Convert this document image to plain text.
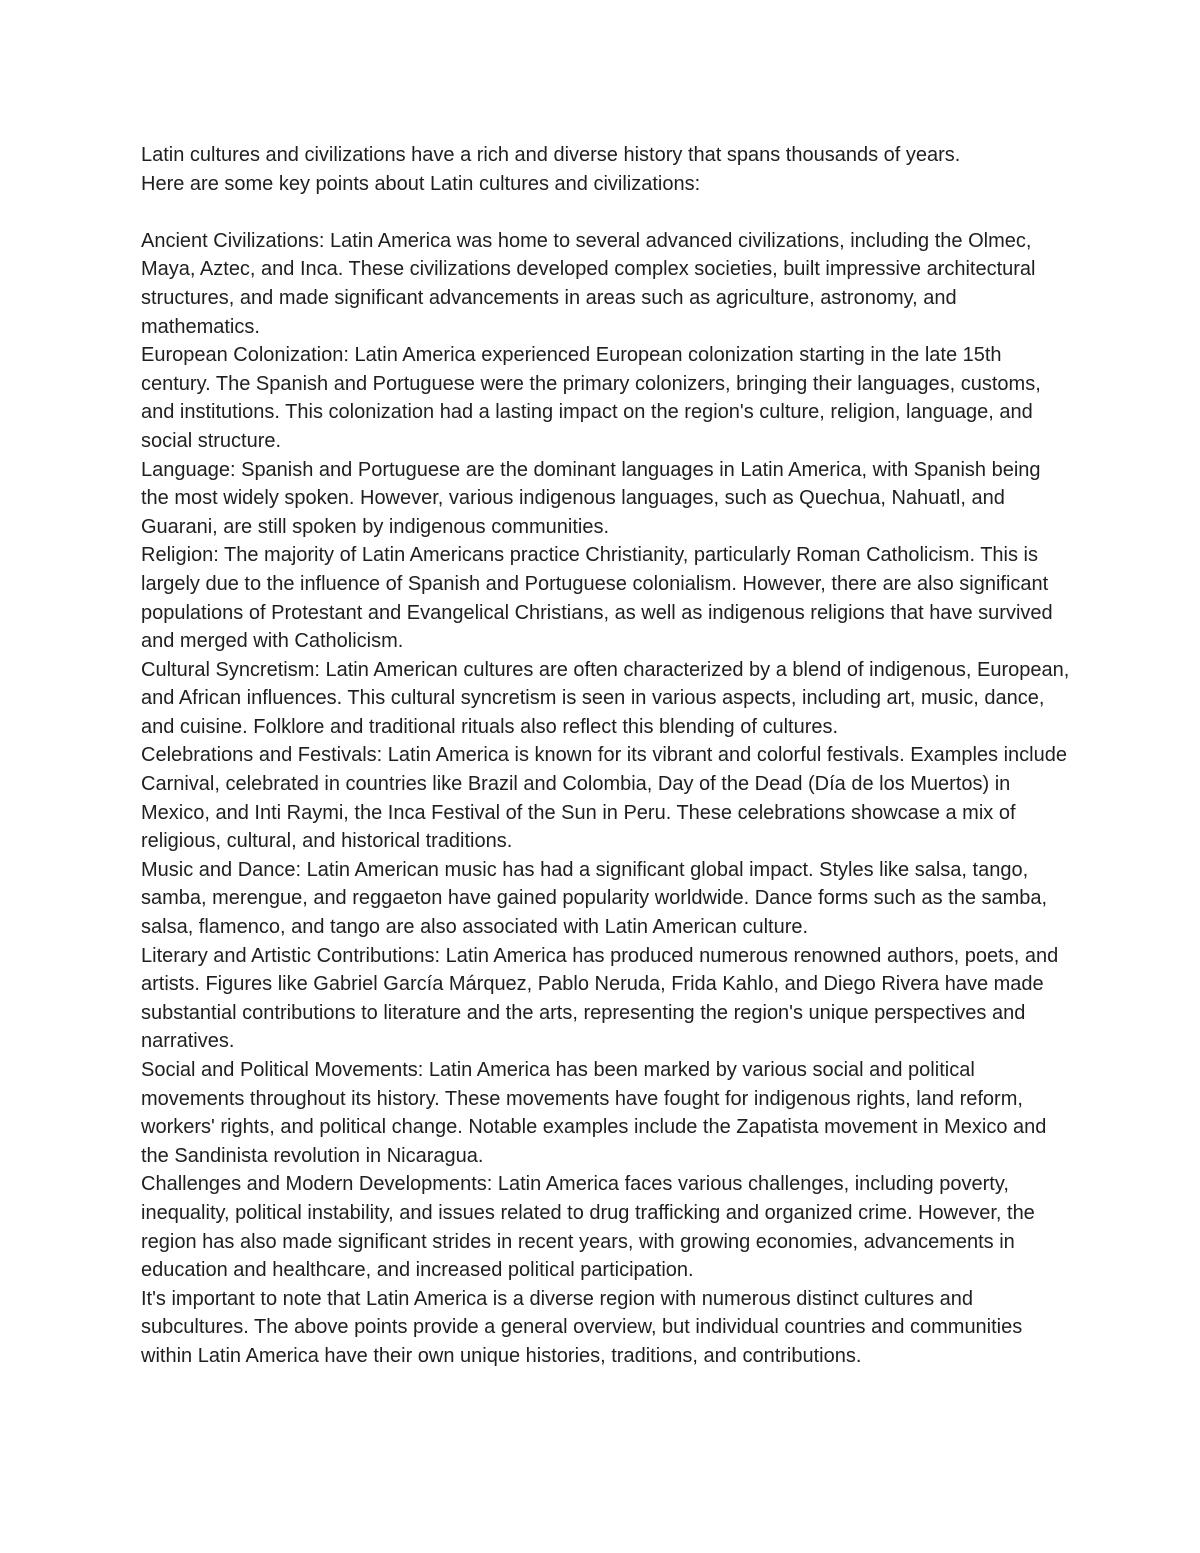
Latin cultures and civilizations have a rich and diverse history that spans thousands of years.

Here are some key points about Latin cultures and civilizations:

Ancient Civilizations: Latin America was home to several advanced civilizations, including the Olmec, Maya, Aztec, and Inca. These civilizations developed complex societies, built impressive architectural structures, and made significant advancements in areas such as agriculture, astronomy, and mathematics.

European Colonization: Latin America experienced European colonization starting in the late 15th century. The Spanish and Portuguese were the primary colonizers, bringing their languages, customs, and institutions. This colonization had a lasting impact on the region's culture, religion, language, and social structure.

Language: Spanish and Portuguese are the dominant languages in Latin America, with Spanish being the most widely spoken. However, various indigenous languages, such as Quechua, Nahuatl, and Guarani, are still spoken by indigenous communities.

Religion: The majority of Latin Americans practice Christianity, particularly Roman Catholicism. This is largely due to the influence of Spanish and Portuguese colonialism. However, there are also significant populations of Protestant and Evangelical Christians, as well as indigenous religions that have survived and merged with Catholicism.

Cultural Syncretism: Latin American cultures are often characterized by a blend of indigenous, European, and African influences. This cultural syncretism is seen in various aspects, including art, music, dance, and cuisine. Folklore and traditional rituals also reflect this blending of cultures.

Celebrations and Festivals: Latin America is known for its vibrant and colorful festivals. Examples include Carnival, celebrated in countries like Brazil and Colombia, Day of the Dead (Día de los Muertos) in Mexico, and Inti Raymi, the Inca Festival of the Sun in Peru. These celebrations showcase a mix of religious, cultural, and historical traditions.

Music and Dance: Latin American music has had a significant global impact. Styles like salsa, tango, samba, merengue, and reggaeton have gained popularity worldwide. Dance forms such as the samba, salsa, flamenco, and tango are also associated with Latin American culture.

Literary and Artistic Contributions: Latin America has produced numerous renowned authors, poets, and artists. Figures like Gabriel García Márquez, Pablo Neruda, Frida Kahlo, and Diego Rivera have made substantial contributions to literature and the arts, representing the region's unique perspectives and narratives.

Social and Political Movements: Latin America has been marked by various social and political movements throughout its history. These movements have fought for indigenous rights, land reform, workers' rights, and political change. Notable examples include the Zapatista movement in Mexico and the Sandinista revolution in Nicaragua.

Challenges and Modern Developments: Latin America faces various challenges, including poverty, inequality, political instability, and issues related to drug trafficking and organized crime. However, the region has also made significant strides in recent years, with growing economies, advancements in education and healthcare, and increased political participation.

It's important to note that Latin America is a diverse region with numerous distinct cultures and subcultures. The above points provide a general overview, but individual countries and communities within Latin America have their own unique histories, traditions, and contributions.
